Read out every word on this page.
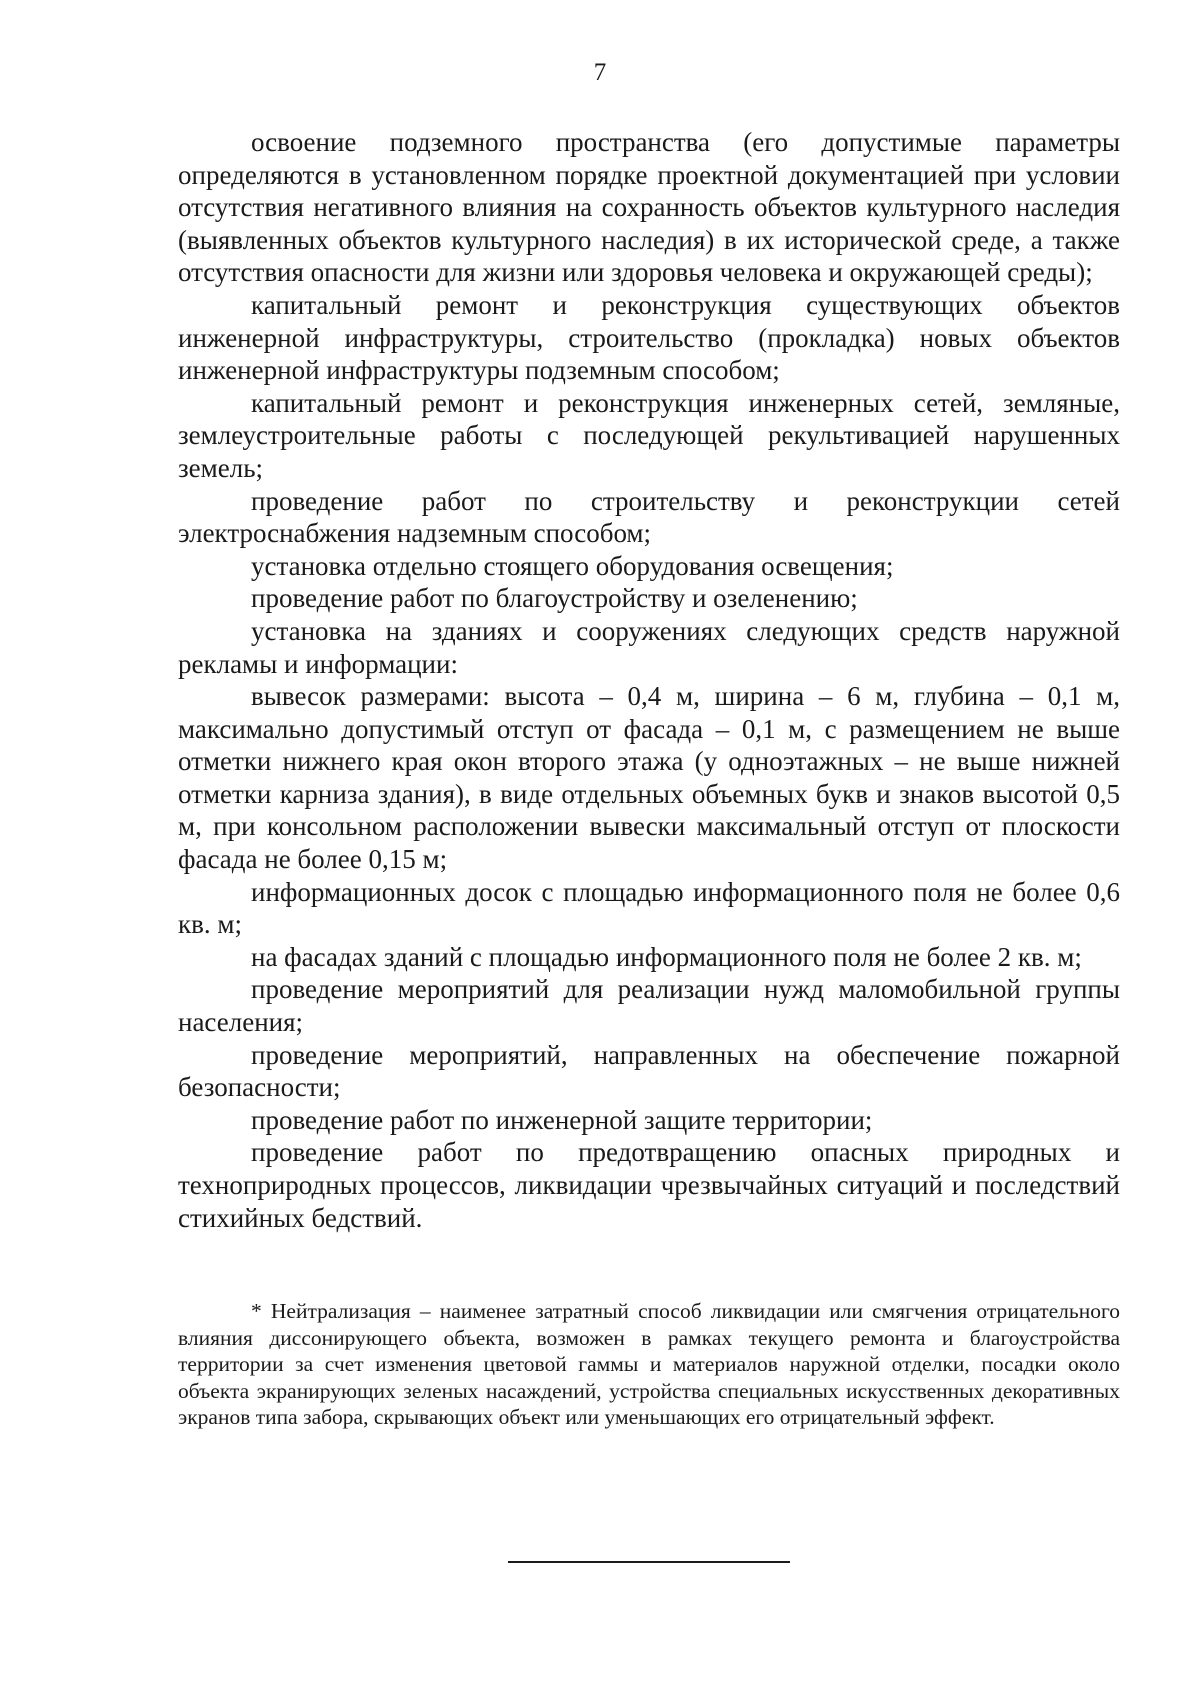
7

освоение подземного пространства (его допустимые параметры определяются в установленном порядке проектной документацией при условии отсутствия негативного влияния на сохранность объектов культурного наследия (выявленных объектов культурного наследия) в их исторической среде, а также отсутствия опасности для жизни или здоровья человека и окружающей среды);

капитальный ремонт и реконструкция существующих объектов инженерной инфраструктуры, строительство (прокладка) новых объектов инженерной инфраструктуры подземным способом;

капитальный ремонт и реконструкция инженерных сетей, земляные, землеустроительные работы с последующей рекультивацией нарушенных земель;

проведение работ по строительству и реконструкции сетей электроснабжения надземным способом;

установка отдельно стоящего оборудования освещения;

проведение работ по благоустройству и озеленению;

установка на зданиях и сооружениях следующих средств наружной рекламы и информации:

вывесок размерами: высота – 0,4 м, ширина – 6 м, глубина – 0,1 м, максимально допустимый отступ от фасада – 0,1 м, с размещением не выше отметки нижнего края окон второго этажа (у одноэтажных – не выше нижней отметки карниза здания), в виде отдельных объемных букв и знаков высотой 0,5 м, при консольном расположении вывески максимальный отступ от плоскости фасада не более 0,15 м;

информационных досок с площадью информационного поля не более 0,6 кв. м;

на фасадах зданий с площадью информационного поля не более 2 кв. м;

проведение мероприятий для реализации нужд маломобильной группы населения;

проведение мероприятий, направленных на обеспечение пожарной безопасности;

проведение работ по инженерной защите территории;

проведение работ по предотвращению опасных природных и техноприродных процессов, ликвидации чрезвычайных ситуаций и последствий стихийных бедствий.

* Нейтрализация – наименее затратный способ ликвидации или смягчения отрицательного влияния диссонирующего объекта, возможен в рамках текущего ремонта и благоустройства территории за счет изменения цветовой гаммы и материалов наружной отделки, посадки около объекта экранирующих зеленых насаждений, устройства специальных искусственных декоративных экранов типа забора, скрывающих объект или уменьшающих его отрицательный эффект.
